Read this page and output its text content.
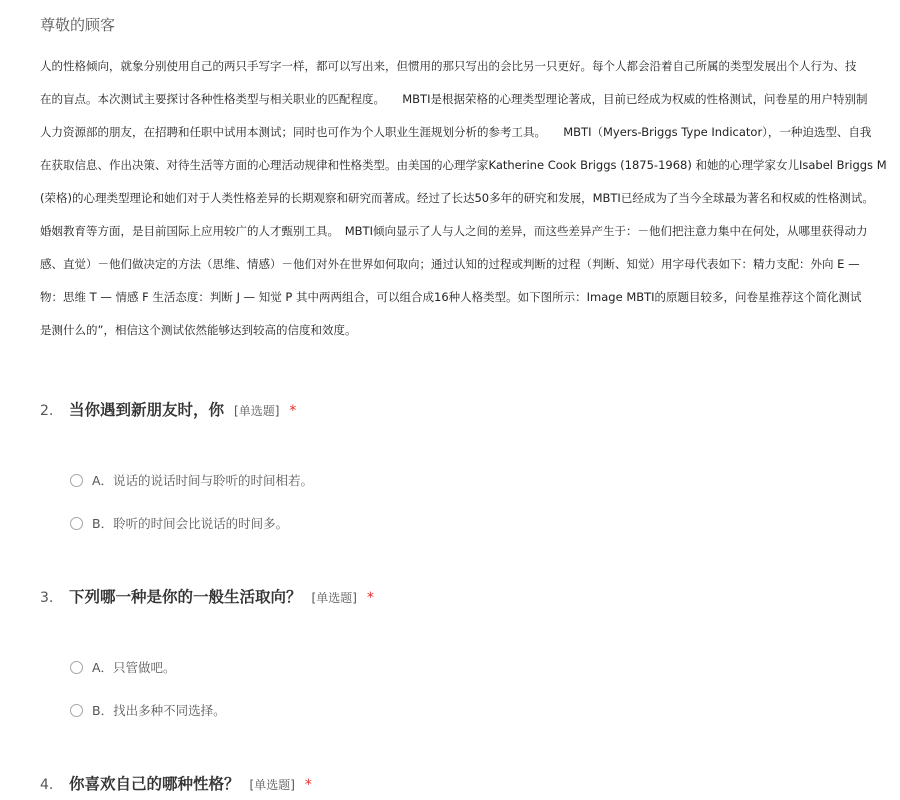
尊敬的顾客
人的性格倾向，就象分别使用自己的两只手写字一样，都可以写出来，但惯用的那只写出的会比另一只更好。每个人都会沿着自己所属的类型发展出个人行为、技
在的盲点。本次测试主要探讨各种性格类型与相关职业的匹配程度。　　MBTI是根据荣格的心理类型理论著成，目前已经成为权威的性格测试，问卷星的用户特别制
人力资源部的朋友，在招聘和任职中试用本测试；同时也可作为个人职业生涯规划分析的参考工具。　　MBTI（Myers-Briggs Type Indicator），一种迫选型、自我
在获取信息、作出决策、对待生活等方面的心理活动规律和性格类型。由美国的心理学家Katherine Cook Briggs (1875-1968) 和她的心理学家女儿Isabel Briggs M
(荣格)的心理类型理论和她们对于人类性格差异的长期观察和研究而著成。经过了长达50多年的研究和发展，MBTI已经成为了当今全球最为著名和权威的性格测试。
婚姻教育等方面，是目前国际上应用较广的人才甄别工具。　MBTI倾向显示了人与人之间的差异，而这些差异产生于：－他们把注意力集中在何处，从哪里获得动力
感、直觉）－他们做决定的方法（思维、情感）－他们对外在世界如何取向；通过认知的过程或判断的过程（判断、知觉）用字母代表如下：精力支配：外向 E —
物：思维 T — 情感 F 生活态度：判断 J — 知觉 P 其中两两组合，可以组合成16种人格类型。如下图所示：Image MBTI的原题目较多，问卷星推荐这个简化测试
是测什么的”，相信这个测试依然能够达到较高的信度和效度。
2. 当你遇到新朋友时，你 [单选题] *
A．说话的说话时间与聆听的时间相若。
B．聆听的时间会比说话的时间多。
3. 下列哪一种是你的一般生活取向？ [单选题] *
A．只管做吧。
B．找出多种不同选择。
4. 你喜欢自己的哪种性格？ [单选题] *
